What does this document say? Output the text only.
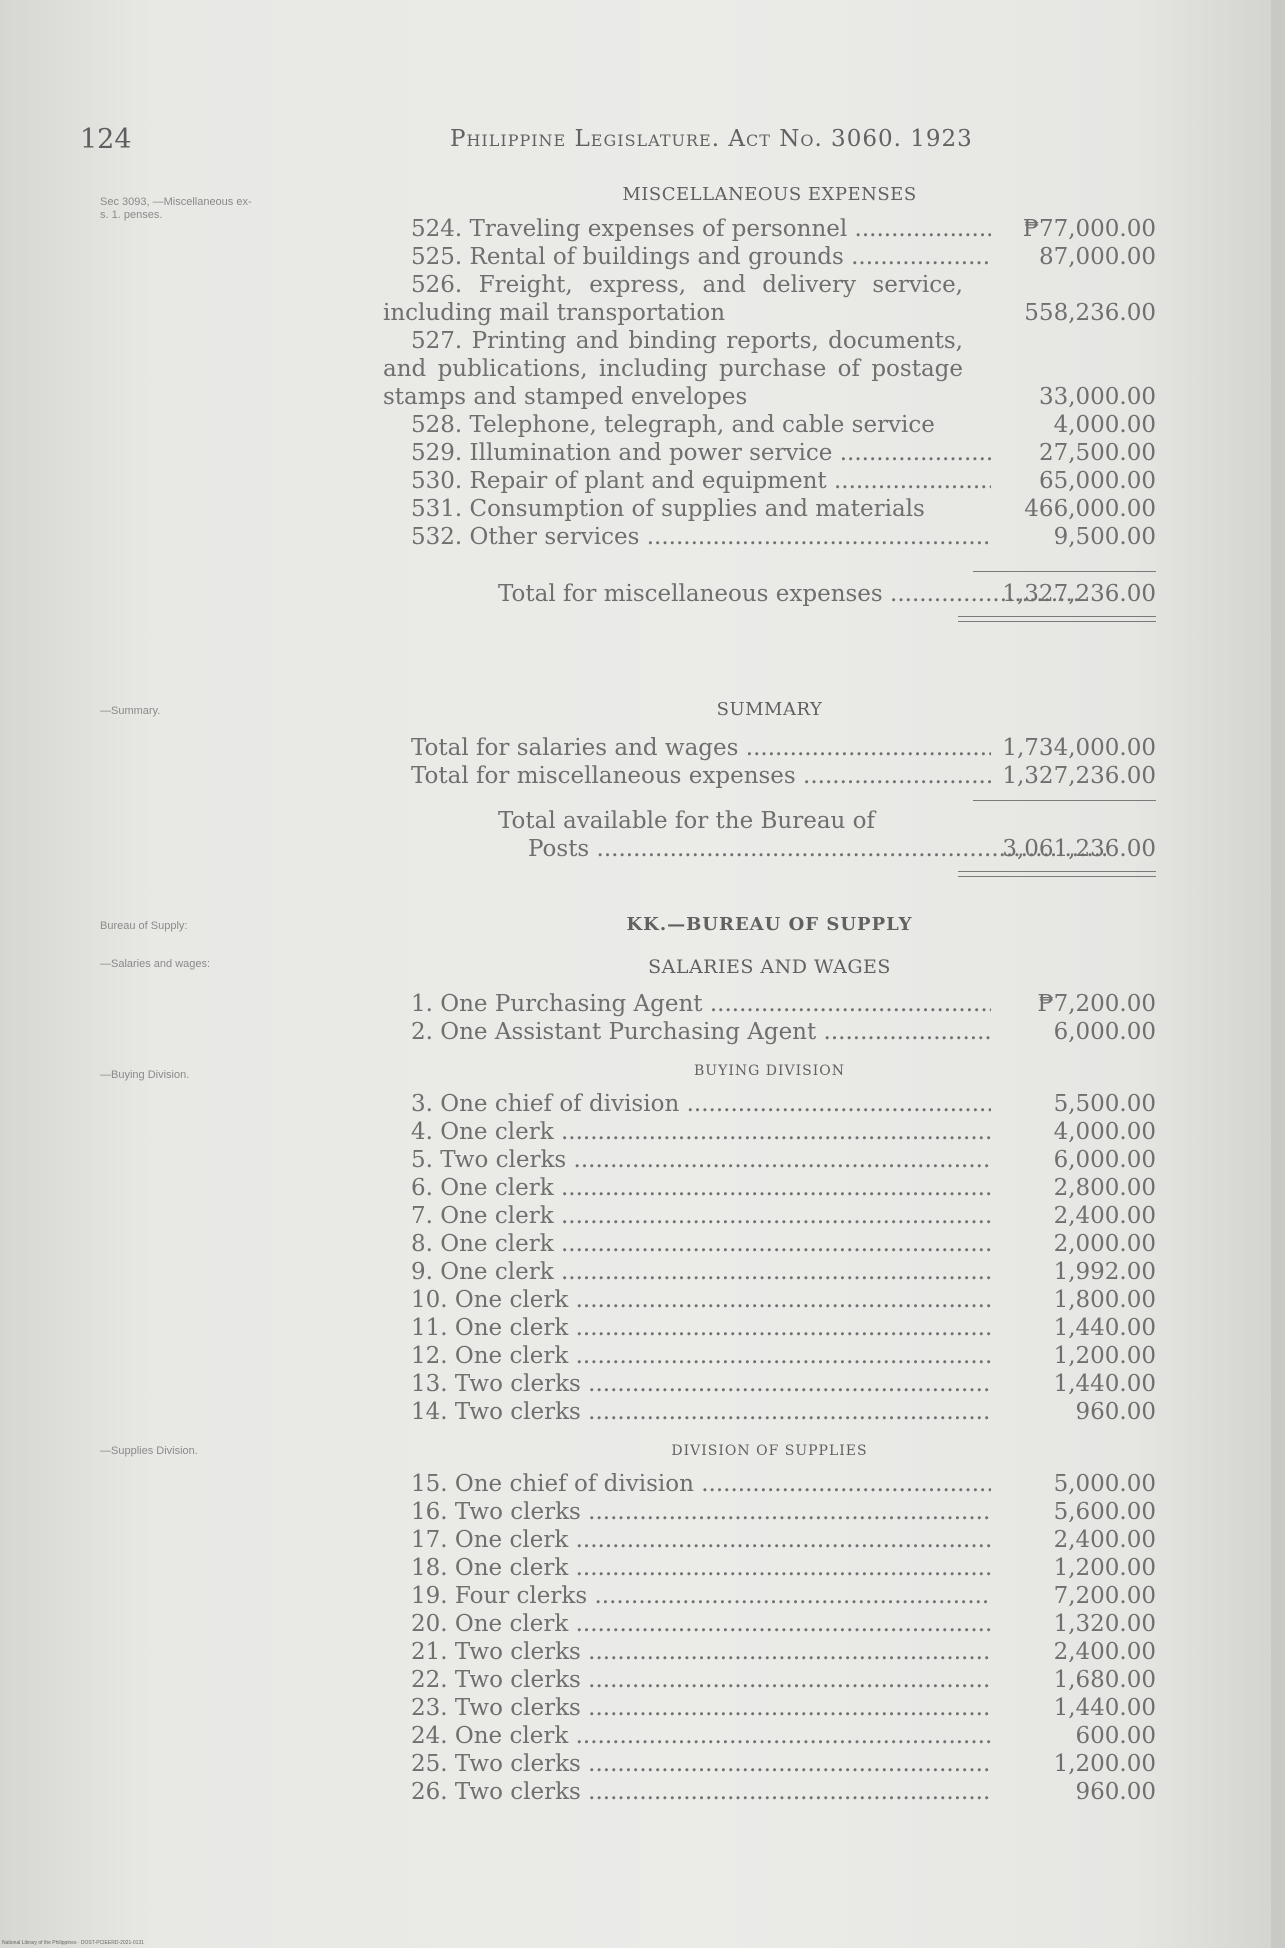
124	Philippine Legislature. Act No. 3060. 1923
Sec 3093, —Miscellaneous ex-
s. 1. penses.
—Summary.
Bureau of Supply:
—Salaries and wages:
—Buying Division.
—Supplies Division.
MISCELLANEOUS EXPENSES
524. Traveling expenses of personnel .....	₱77,000.00
525. Rental of buildings and grounds .....	87,000.00
526. Freight, express, and delivery service, including mail transportation	558,236.00
527. Printing and binding reports, documents, and publications, including purchase of postage stamps and stamped envelopes	33,000.00
528. Telephone, telegraph, and cable service	4,000.00
529. Illumination and power service .....	27,500.00
530. Repair of plant and equipment .....	65,000.00
531. Consumption of supplies and materials	466,000.00
532. Other services .....	9,500.00
Total for miscellaneous expenses .....	1,327,236.00
SUMMARY
Total for salaries and wages .....	1,734,000.00
Total for miscellaneous expenses .....	1,327,236.00
Total available for the Bureau of
Posts .....	3,061,236.00
KK.—BUREAU OF SUPPLY
SALARIES AND WAGES
1. One Purchasing Agent .....	₱7,200.00
2. One Assistant Purchasing Agent .....	6,000.00
BUYING DIVISION
3. One chief of division .....	5,500.00
4. One clerk .....	4,000.00
5. Two clerks .....	6,000.00
6. One clerk .....	2,800.00
7. One clerk .....	2,400.00
8. One clerk .....	2,000.00
9. One clerk .....	1,992.00
10. One clerk .....	1,800.00
11. One clerk .....	1,440.00
12. One clerk .....	1,200.00
13. Two clerks .....	1,440.00
14. Two clerks .....	960.00
DIVISION OF SUPPLIES
15. One chief of division .....	5,000.00
16. Two clerks .....	5,600.00
17. One clerk .....	2,400.00
18. One clerk .....	1,200.00
19. Four clerks .....	7,200.00
20. One clerk .....	1,320.00
21. Two clerks .....	2,400.00
22. Two clerks .....	1,680.00
23. Two clerks .....	1,440.00
24. One clerk .....	600.00
25. Two clerks .....	1,200.00
26. Two clerks .....	960.00
National Library of the Philippines · DOST-PCIEERD-2021-0131
